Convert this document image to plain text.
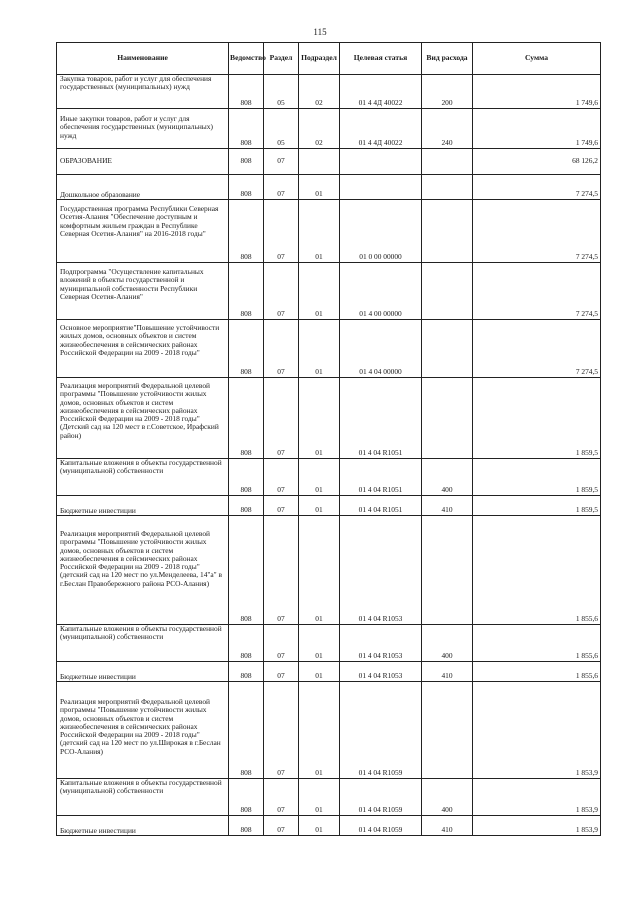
115
Наименование	Ведомство	Раздел	Подраздел	Целевая статья	Вид расхода	Сумма
Закупка товаров, работ и услуг для обеспечения государственных (муниципальных) нужд	808	05	02	01 4 4Д 40022	200	1 749,6
Иные закупки товаров, работ и услуг для обеспечения государственных (муниципальных) нужд	808	05	02	01 4 4Д 40022	240	1 749,6
ОБРАЗОВАНИЕ	808	07				68 126,2
Дошкольное образование	808	07	01			7 274,5
Государственная программа Республики Северная Осетия-Алания "Обеспечение доступным и комфортным жильем граждан в Республике Северная Осетия-Алания" на 2016-2018 годы"	808	07	01	01 0 00 00000		7 274,5
Подпрограмма "Осуществление капитальных вложений в объекты государственной и муниципальной собственности Республики Северная Осетия-Алания"	808	07	01	01 4 00 00000		7 274,5
Основное мероприятие"Повышение устойчивости жилых домов, основных объектов и систем жизнеобеспечения в сейсмических районах Российской Федерации на 2009 - 2018 годы"	808	07	01	01 4 04 00000		7 274,5
Реализация мероприятий Федеральной целевой программы "Повышение устойчивости жилых домов, основных объектов и систем жизнеобеспечения в сейсмических районах Российской Федерации на 2009 - 2018 годы" (Детский сад на 120 мест в г.Советское, Ирафский район)	808	07	01	01 4 04 R1051		1 859,5
Капитальные вложения в объекты государственной (муниципальной) собственности	808	07	01	01 4 04 R1051	400	1 859,5
Бюджетные инвестиции	808	07	01	01 4 04 R1051	410	1 859,5
Реализация мероприятий Федеральной целевой программы "Повышение устойчивости жилых домов, основных объектов и систем жизнеобеспечения в сейсмических районах Российской Федерации на 2009 - 2018 годы" (детский сад на 120 мест по ул.Менделеева, 14"а" в г.Беслан Правобережного района РСО-Алания)	808	07	01	01 4 04 R1053		1 855,6
Капитальные вложения в объекты государственной (муниципальной) собственности	808	07	01	01 4 04 R1053	400	1 855,6
Бюджетные инвестиции	808	07	01	01 4 04 R1053	410	1 855,6
Реализация мероприятий Федеральной целевой программы "Повышение устойчивости жилых домов, основных объектов и систем жизнеобеспечения в сейсмических районах Российской Федерации на 2009 - 2018 годы" (детский сад на 120 мест по ул.Широкая в г.Беслан РСО-Алания)	808	07	01	01 4 04 R1059		1 853,9
Капитальные вложения в объекты государственной (муниципальной) собственности	808	07	01	01 4 04 R1059	400	1 853,9
Бюджетные инвестиции	808	07	01	01 4 04 R1059	410	1 853,9
